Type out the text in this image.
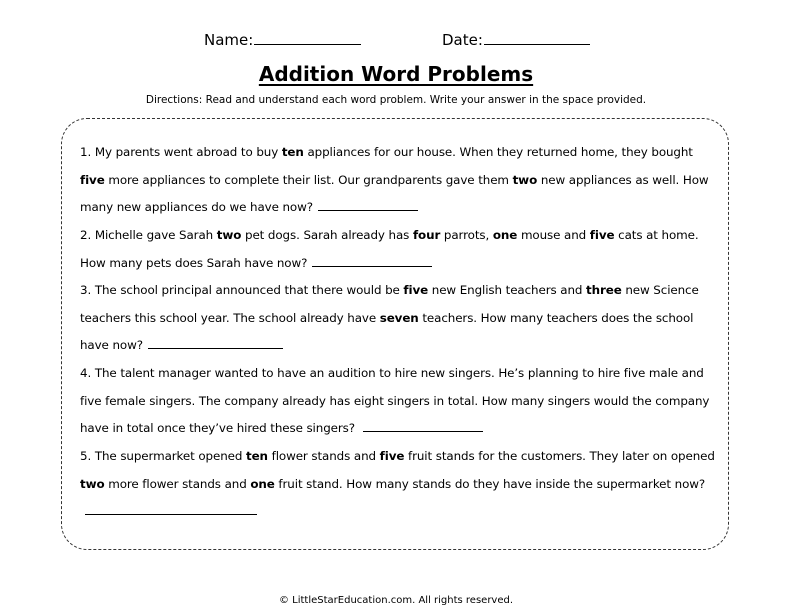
Name:	Date:
Addition Word Problems
Directions: Read and understand each word problem. Write your answer in the space provided.
1. My parents went abroad to buy ten appliances for our house. When they returned home, they bought five more appliances to complete their list. Our grandparents gave them two new appliances as well. How many new appliances do we have now?
2. Michelle gave Sarah two pet dogs. Sarah already has four parrots, one mouse and five cats at home. How many pets does Sarah have now?
3. The school principal announced that there would be five new English teachers and three new Science teachers this school year. The school already have seven teachers. How many teachers does the school have now?
4. The talent manager wanted to have an audition to hire new singers. He’s planning to hire five male and five female singers. The company already has eight singers in total. How many singers would the company have in total once they’ve hired these singers?
5. The supermarket opened ten flower stands and five fruit stands for the customers. They later on opened two more flower stands and one fruit stand. How many stands do they have inside the supermarket now?
© LittleStarEducation.com. All rights reserved.
